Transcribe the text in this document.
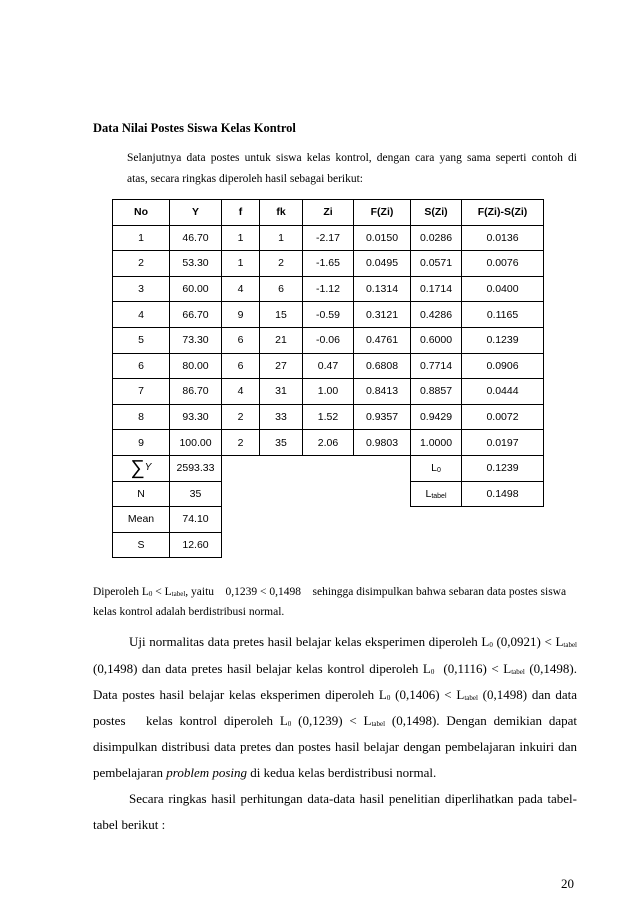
Data Nilai Postes Siswa Kelas Kontrol
Selanjutnya data postes untuk siswa kelas kontrol, dengan cara yang sama seperti contoh di
atas, secara ringkas diperoleh hasil sebagai berikut:
No	Y	f	fk	Zi	F(Zi)	S(Zi)	F(Zi)-S(Zi)
1	46.70	1	1	-2.17	0.0150	0.0286	0.0136
2	53.30	1	2	-1.65	0.0495	0.0571	0.0076
3	60.00	4	6	-1.12	0.1314	0.1714	0.0400
4	66.70	9	15	-0.59	0.3121	0.4286	0.1165
5	73.30	6	21	-0.06	0.4761	0.6000	0.1239
6	80.00	6	27	0.47	0.6808	0.7714	0.0906
7	86.70	4	31	1.00	0.8413	0.8857	0.0444
8	93.30	2	33	1.52	0.9357	0.9429	0.0072
9	100.00	2	35	2.06	0.9803	1.0000	0.0197
∑$^Y$	2593.33					$L_0$	0.1239
N	35					$L_{tabel}$	0.1498
Mean	74.10						
S	12.60						
Diperoleh $L_0 < L_{tabel}$, yaitu    0,1239 < 0,1498    sehingga disimpulkan bahwa sebaran data postes siswa
kelas kontrol adalah berdistribusi normal.
Uji normalitas data pretes hasil belajar kelas eksperimen diperoleh $L_0$ $(0,0921) < L_{tabel}$
(0,1498) dan data pretes hasil belajar kelas kontrol diperoleh $L_0$  $(0,1116) < L_{tabel}$ (0,1498).
Data postes hasil belajar kelas eksperimen diperoleh $L_0$ $(0,1406) < L_{tabel}$ (0,1498) dan data
postes   kelas kontrol diperoleh $L_0$ $(0,1239) < L_{tabel}$ (0,1498). Dengan demikian dapat
disimpulkan distribusi data pretes dan postes hasil belajar dengan pembelajaran inkuiri dan
pembelajaran problem posing di kedua kelas berdistribusi normal.
Secara ringkas hasil perhitungan data-data hasil penelitian diperlihatkan pada tabel-
tabel berikut :
20
